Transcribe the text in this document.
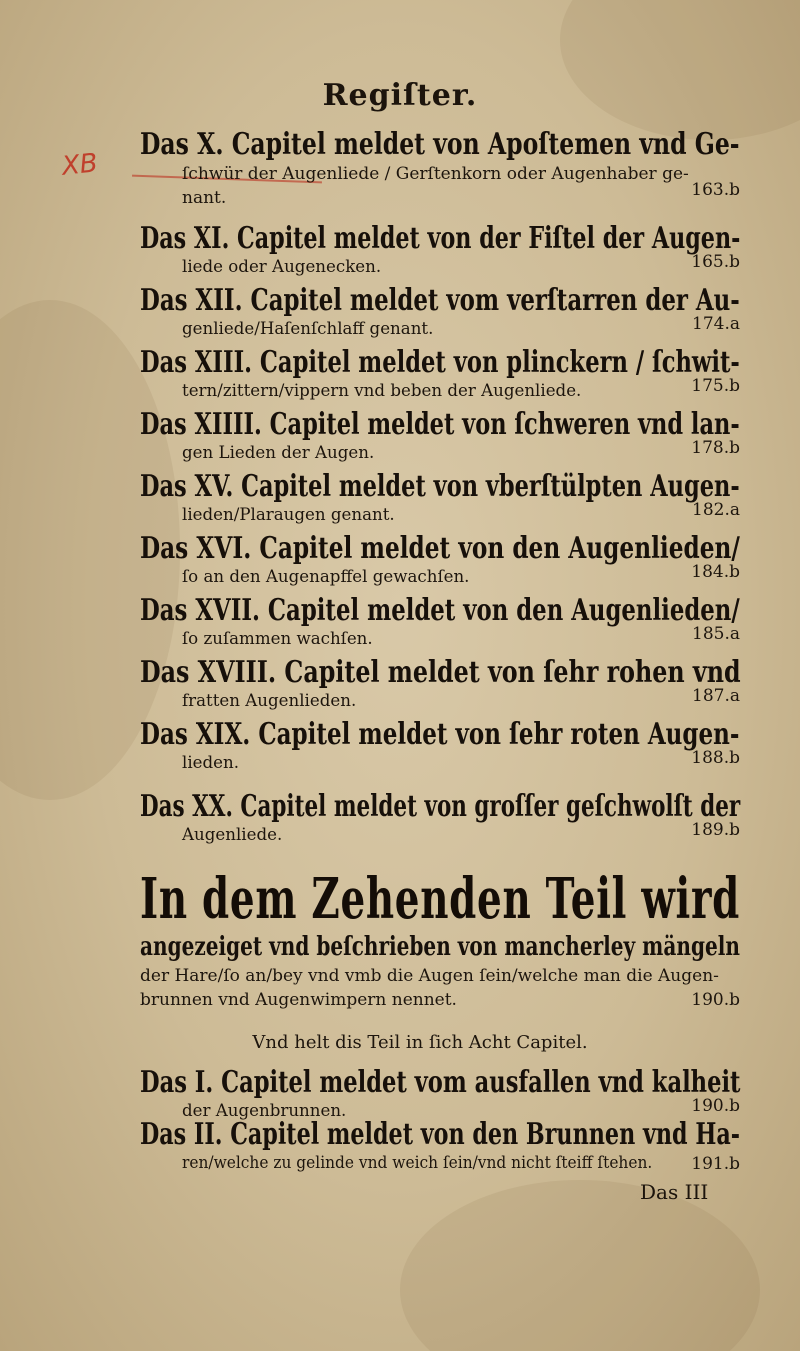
Regiſter.
XB
Das X. Capitel meldet von Apoſtemen vnd Ge‑
ſchwür der Augenliede / Gerſtenkorn oder Augenhaber ge‑ nant.	163.b
Das XI. Capitel meldet von der Fiſtel der Augen‑
liede oder Augenecken.	165.b
Das XII. Capitel meldet vom verſtarren der Au‑
genliede/Haſenſchlaff genant.	174.a
Das XIII. Capitel meldet von plinckern / ſchwit‑
tern/zittern/vippern vnd beben der Augenliede.	175.b
Das XIIII. Capitel meldet von ſchweren vnd lan‑
gen Lieden der Augen.	178.b
Das XV. Capitel meldet von vberſtülpten Augen‑
lieden/Plaraugen genant.	182.a
Das XVI. Capitel meldet von den Augenlieden/
ſo an den Augenapffel gewachſen.	184.b
Das XVII. Capitel meldet von den Augenlieden/
ſo zuſammen wachſen.	185.a
Das XVIII. Capitel meldet von ſehr rohen vnd
fratten Augenlieden.	187.a
Das XIX. Capitel meldet von ſehr roten Augen‑
lieden.	188.b
Das XX. Capitel meldet von groſſer geſchwolſt der
Augenliede.	189.b
In dem Zehenden Teil wird
angezeiget vnd beſchrieben von mancherley mängeln
der Hare/ſo an/bey vnd vmb die Augen ſein/welche man die Augen‑
brunnen vnd Augenwimpern nennet.	190.b
Vnd helt dis Teil in ſich Acht Capitel.
Das I. Capitel meldet vom ausfallen vnd kalheit
der Augenbrunnen.	190.b
Das II. Capitel meldet von den Brunnen vnd Ha‑
ren/welche zu gelinde vnd weich ſein/vnd nicht ſteiff ſtehen.	191.b
Das III
